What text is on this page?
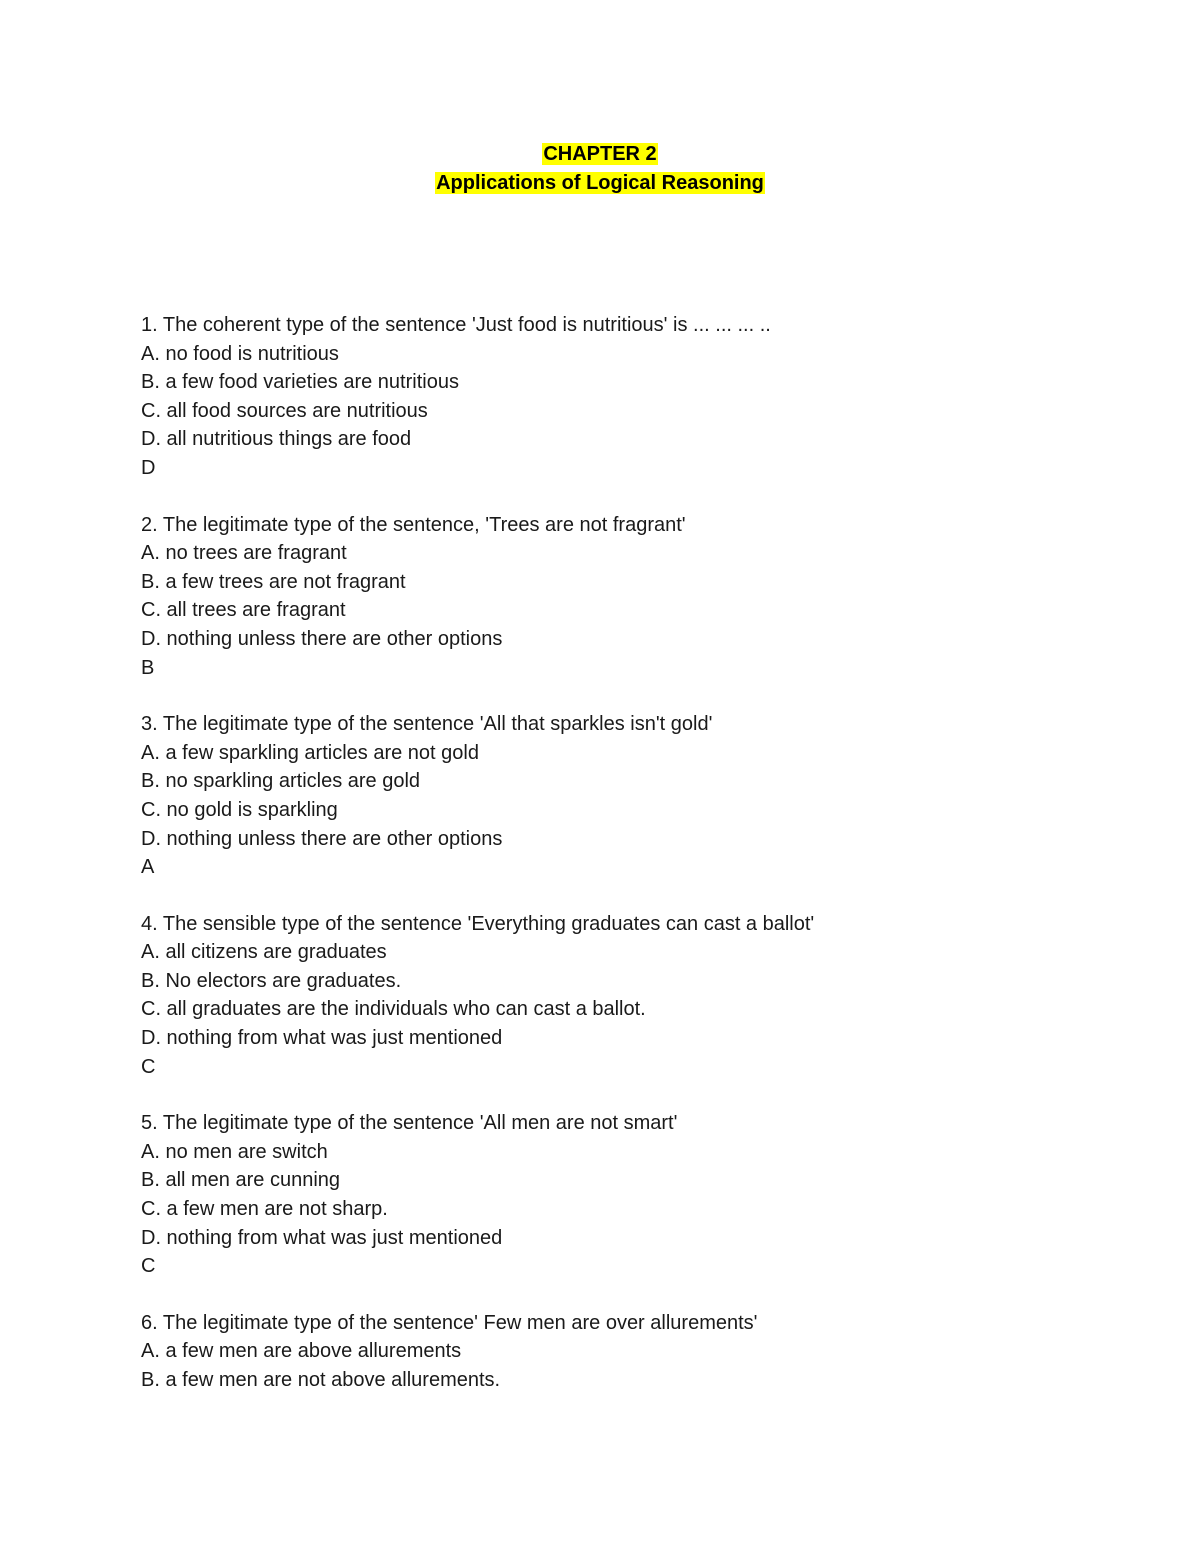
CHAPTER 2
Applications of Logical Reasoning
1. The coherent type of the sentence 'Just food is nutritious' is ... ... ... ..
A. no food is nutritious
B. a few food varieties are nutritious
C. all food sources are nutritious
D. all nutritious things are food
D
2. The legitimate type of the sentence, 'Trees are not fragrant'
A. no trees are fragrant
B. a few trees are not fragrant
C. all trees are fragrant
D. nothing unless there are other options
B
3. The legitimate type of the sentence 'All that sparkles isn't gold'
A. a few sparkling articles are not gold
B. no sparkling articles are gold
C. no gold is sparkling
D. nothing unless there are other options
A
4. The sensible type of the sentence 'Everything graduates can cast a ballot'
A. all citizens are graduates
B. No electors are graduates.
C. all graduates are the individuals who can cast a ballot.
D. nothing from what was just mentioned
C
5. The legitimate type of the sentence 'All men are not smart'
A. no men are switch
B. all men are cunning
C. a few men are not sharp.
D. nothing from what was just mentioned
C
6. The legitimate type of the sentence' Few men are over allurements'
A. a few men are above allurements
B. a few men are not above allurements.
